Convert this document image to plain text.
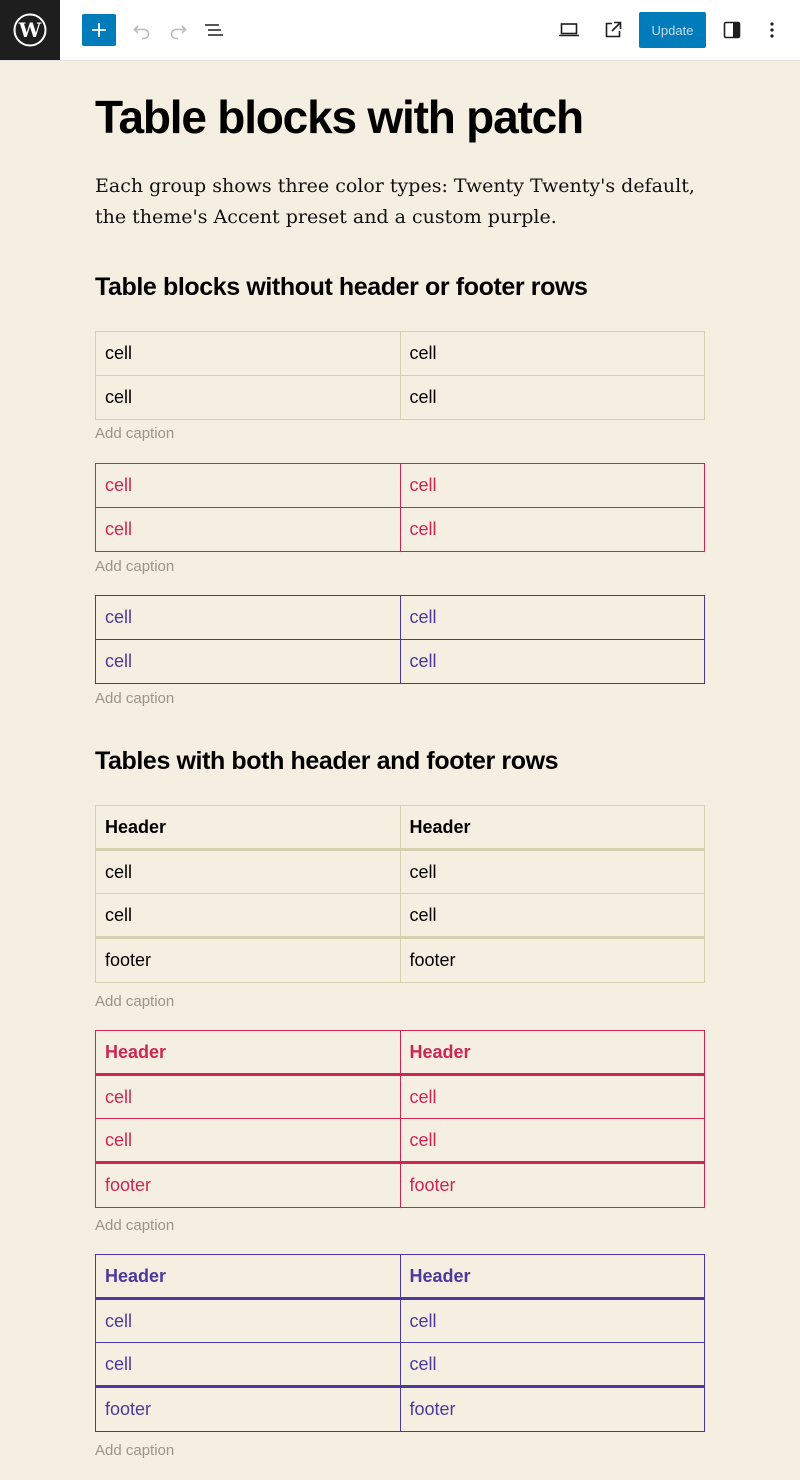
W	Update
Table blocks with patch

Each group shows three color types: Twenty Twenty's default, the theme's Accent preset and a custom purple.

Table blocks without header or footer rows
cell	cell
cell	cell
Add caption
cell	cell
cell	cell
Add caption
cell	cell
cell	cell
Add caption
Tables with both header and footer rows
Header	Header
cell	cell
cell	cell
footer	footer
Add caption
Header	Header
cell	cell
cell	cell
footer	footer
Add caption
Header	Header
cell	cell
cell	cell
footer	footer
Add caption
